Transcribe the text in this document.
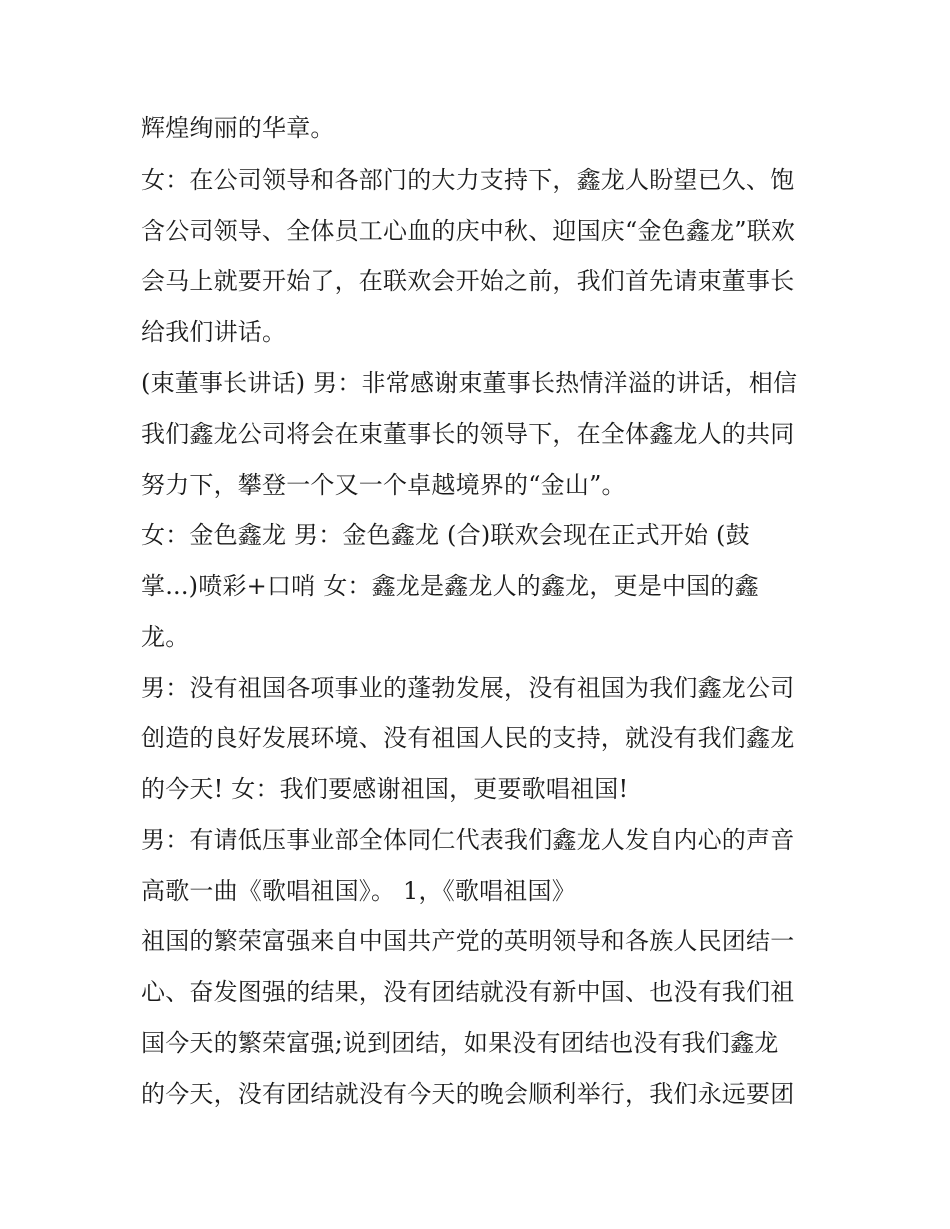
辉煌绚丽的华章。

女：在公司领导和各部门的大力支持下，鑫龙人盼望已久、饱

含公司领导、全体员工心血的庆中秋、迎国庆“金色鑫龙”联欢

会马上就要开始了，在联欢会开始之前，我们首先请束董事长

给我们讲话。

(束董事长讲话) 男：非常感谢束董事长热情洋溢的讲话，相信

我们鑫龙公司将会在束董事长的领导下，在全体鑫龙人的共同

努力下，攀登一个又一个卓越境界的“金山”。

女：金色鑫龙 男：金色鑫龙 (合)联欢会现在正式开始 (鼓

掌...)喷彩+口哨 女：鑫龙是鑫龙人的鑫龙，更是中国的鑫

龙。

男：没有祖国各项事业的蓬勃发展，没有祖国为我们鑫龙公司

创造的良好发展环境、没有祖国人民的支持，就没有我们鑫龙

的今天! 女：我们要感谢祖国，更要歌唱祖国!

男：有请低压事业部全体同仁代表我们鑫龙人发自内心的声音

高歌一曲《歌唱祖国》。 1，《歌唱祖国》

祖国的繁荣富强来自中国共产党的英明领导和各族人民团结一

心、奋发图强的结果，没有团结就没有新中国、也没有我们祖

国今天的繁荣富强;说到团结，如果没有团结也没有我们鑫龙

的今天，没有团结就没有今天的晚会顺利举行，我们永远要团
